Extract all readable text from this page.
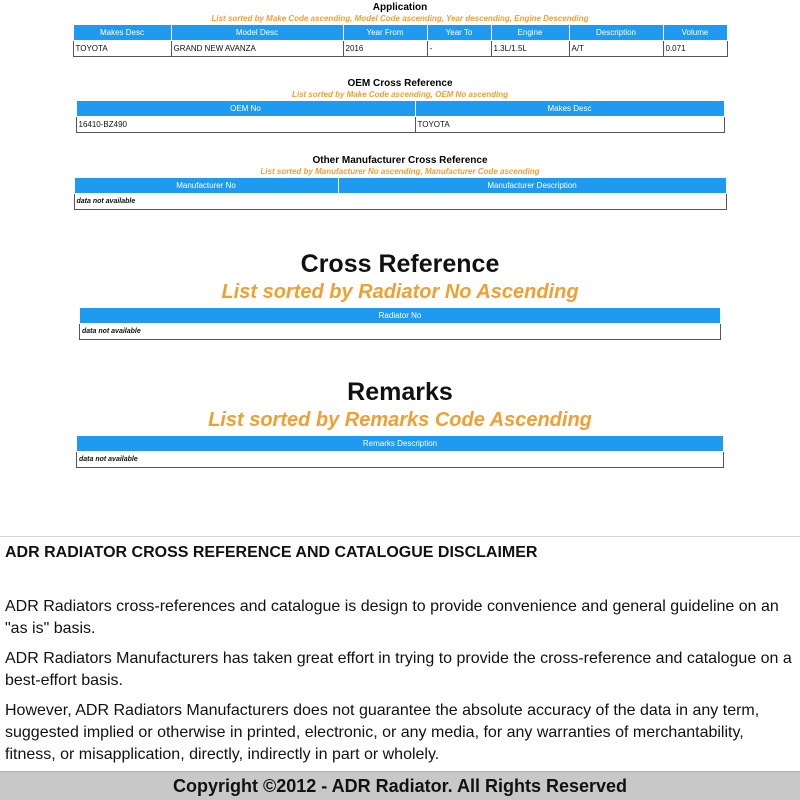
Application
List sorted by Make Code ascending, Model Code ascending, Year descending, Engine Descending
Makes Desc	Model Desc	Year From	Year To	Engine	Description	Volume
TOYOTA	GRAND NEW AVANZA	2016	-	1.3L/1.5L	A/T	0.071
OEM Cross Reference
List sorted by Make Code ascending, OEM No ascending
OEM No	Makes Desc
16410-BZ490	TOYOTA
Other Manufacturer Cross Reference
List sorted by Manufacturer No ascending, Manufacturer Code ascending
Manufacturer No	Manufacturer Description
data not available
Cross Reference
List sorted by Radiator No Ascending
Radiator No
data not available
Remarks
List sorted by Remarks Code Ascending
Remarks Description
data not available
ADR RADIATOR CROSS REFERENCE AND CATALOGUE DISCLAIMER

ADR Radiators cross-references and catalogue is design to provide convenience and general guideline on an "as is" basis.

ADR Radiators Manufacturers has taken great effort in trying to provide the cross-reference and catalogue on a best-effort basis.

However, ADR Radiators Manufacturers does not guarantee the absolute accuracy of the data in any term, suggested implied or otherwise in printed, electronic, or any media, for any warranties of merchantability, fitness, or misapplication, directly, indirectly in part or wholely.

Copyright ©2012 - ADR Radiator. All Rights Reserved
